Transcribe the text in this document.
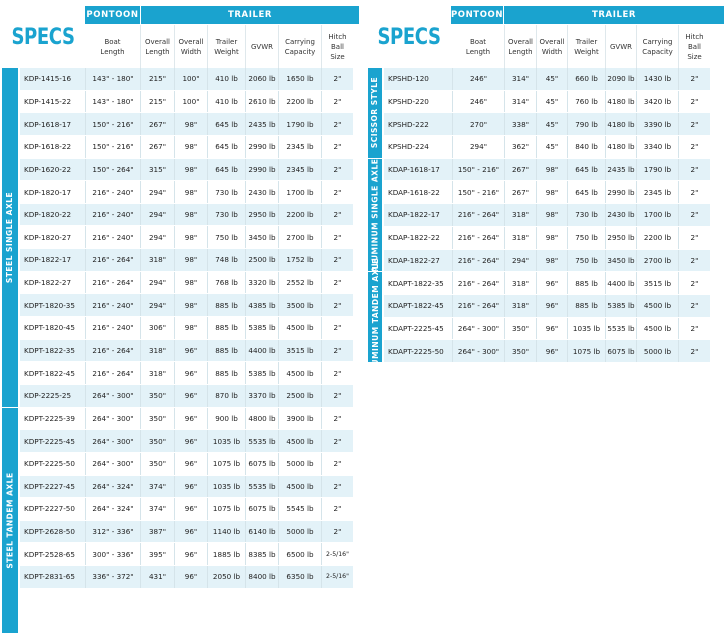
SPECS
PONTOON	TRAILER
Boat
Length
Overall
Length
Overall
Width
Trailer
Weight
GVWR
Carrying
Capacity
Hitch
Ball
Size
STEEL SINGLE AXLE
STEEL TANDEM AXLE
KDP-1415-16	143" - 180"	215"	100"	410 lb	2060 lb	1650 lb	2"
KDP-1415-22	143" - 180"	215"	100"	410 lb	2610 lb	2200 lb	2"
KDP-1618-17	150" - 216"	267"	98"	645 lb	2435 lb	1790 lb	2"
KDP-1618-22	150" - 216"	267"	98"	645 lb	2990 lb	2345 lb	2"
KDP-1620-22	150" - 264"	315"	98"	645 lb	2990 lb	2345 lb	2"
KDP-1820-17	216" - 240"	294"	98"	730 lb	2430 lb	1700 lb	2"
KDP-1820-22	216" - 240"	294"	98"	730 lb	2950 lb	2200 lb	2"
KDP-1820-27	216" - 240"	294"	98"	750 lb	3450 lb	2700 lb	2"
KDP-1822-17	216" - 264"	318"	98"	748 lb	2500 lb	1752 lb	2"
KDP-1822-27	216" - 264"	294"	98"	768 lb	3320 lb	2552 lb	2"
KDPT-1820-35	216" - 240"	294"	98"	885 lb	4385 lb	3500 lb	2"
KDPT-1820-45	216" - 240"	306"	98"	885 lb	5385 lb	4500 lb	2"
KDPT-1822-35	216" - 264"	318"	96"	885 lb	4400 lb	3515 lb	2"
KDPT-1822-45	216" - 264"	318"	96"	885 lb	5385 lb	4500 lb	2"
KDP-2225-25	264" - 300"	350"	96"	870 lb	3370 lb	2500 lb	2"
KDPT-2225-39	264" - 300"	350"	96"	900 lb	4800 lb	3900 lb	2"
KDPT-2225-45	264" - 300"	350"	96"	1035 lb	5535 lb	4500 lb	2"
KDPT-2225-50	264" - 300"	350"	96"	1075 lb	6075 lb	5000 lb	2"
KDPT-2227-45	264" - 324"	374"	96"	1035 lb	5535 lb	4500 lb	2"
KDPT-2227-50	264" - 324"	374"	96"	1075 lb	6075 lb	5545 lb	2"
KDPT-2628-50	312" - 336"	387"	96"	1140 lb	6140 lb	5000 lb	2"
KDPT-2528-65	300" - 336"	395"	96"	1885 lb	8385 lb	6500 lb	2-5/16"
KDPT-2831-65	336" - 372"	431"	96"	2050 lb	8400 lb	6350 lb	2-5/16"
SPECS
PONTOON	TRAILER
Boat
Length
Overall
Length
Overall
Width
Trailer
Weight
GVWR
Carrying
Capacity
Hitch
Ball
Size
SCISSOR STYLE
ALUMINUM SINGLE AXLE
ALUMINUM TANDEM AXLE
KPSHD-120	246"	314"	45"	660 lb	2090 lb	1430 lb	2"
KPSHD-220	246"	314"	45"	760 lb	4180 lb	3420 lb	2"
KPSHD-222	270"	338"	45"	790 lb	4180 lb	3390 lb	2"
KPSHD-224	294"	362"	45"	840 lb	4180 lb	3340 lb	2"
KDAP-1618-17	150" - 216"	267"	98"	645 lb	2435 lb	1790 lb	2"
KDAP-1618-22	150" - 216"	267"	98"	645 lb	2990 lb	2345 lb	2"
KDAP-1822-17	216" - 264"	318"	98"	730 lb	2430 lb	1700 lb	2"
KDAP-1822-22	216" - 264"	318"	98"	750 lb	2950 lb	2200 lb	2"
KDAP-1822-27	216" - 264"	294"	98"	750 lb	3450 lb	2700 lb	2"
KDAPT-1822-35	216" - 264"	318"	96"	885 lb	4400 lb	3515 lb	2"
KDAPT-1822-45	216" - 264"	318"	96"	885 lb	5385 lb	4500 lb	2"
KDAPT-2225-45	264" - 300"	350"	96"	1035 lb	5535 lb	4500 lb	2"
KDAPT-2225-50	264" - 300"	350"	96"	1075 lb	6075 lb	5000 lb	2"
